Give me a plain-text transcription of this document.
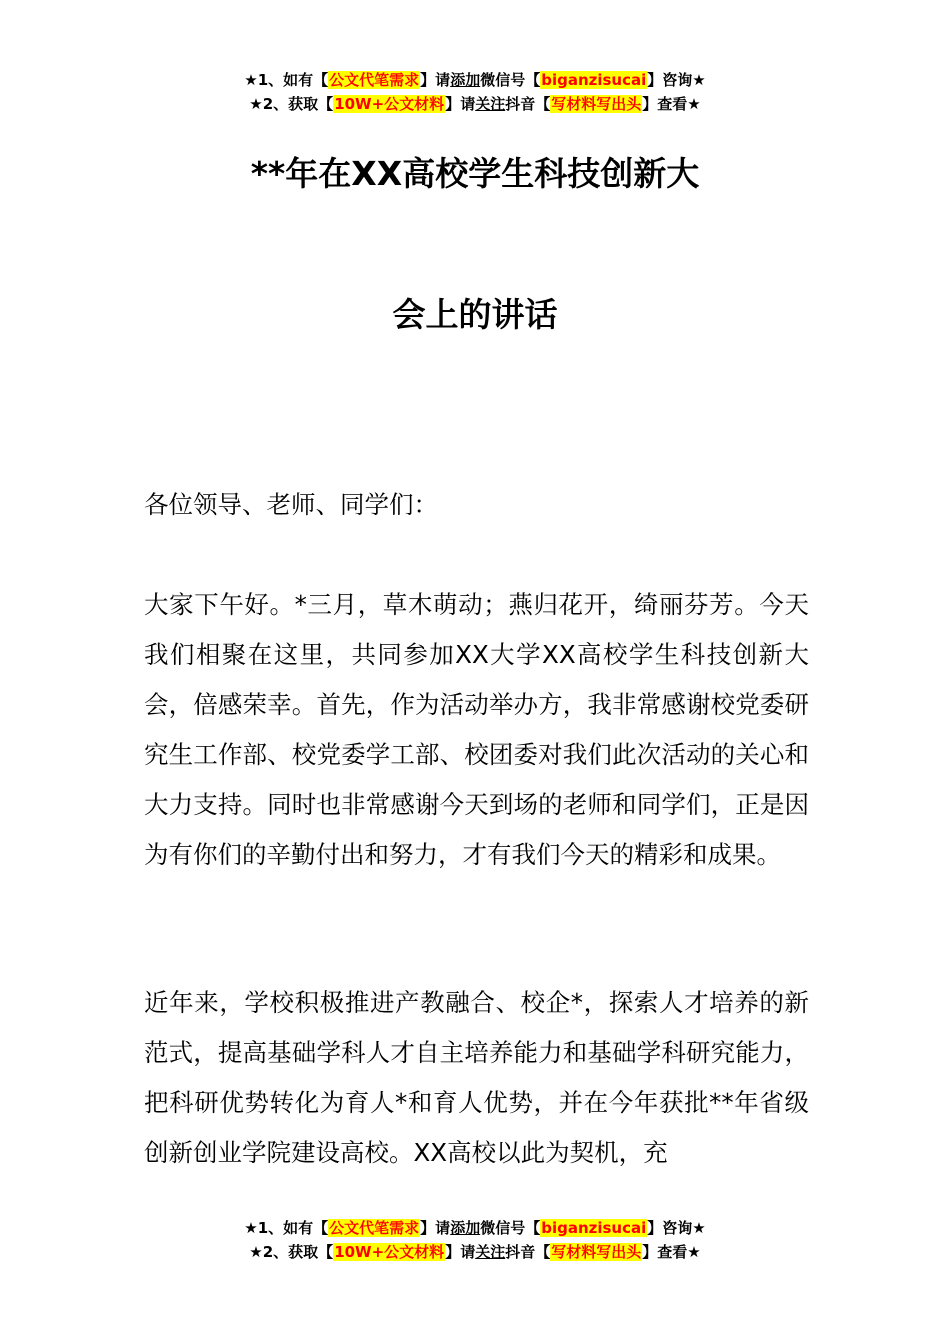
★1、如有【公文代笔需求】请添加微信号【biganzisucai】咨询★
★2、获取【10W+公文材料】请关注抖音【写材料写出头】查看★
**年在XX高校学生科技创新大
会上的讲话

各位领导、老师、同学们：

大家下午好。*三月，草木萌动；燕归花开，绮丽芬芳。今天我们相聚在这里，共同参加XX大学XX高校学生科技创新大会，倍感荣幸。首先，作为活动举办方，我非常感谢校党委研究生工作部、校党委学工部、校团委对我们此次活动的关心和大力支持。同时也非常感谢今天到场的老师和同学们，正是因为有你们的辛勤付出和努力，才有我们今天的精彩和成果。

近年来，学校积极推进产教融合、校企*，探索人才培养的新范式，提高基础学科人才自主培养能力和基础学科研究能力，把科研优势转化为育人*和育人优势，并在今年获批**年省级创新创业学院建设高校。XX高校以此为契机，充

★1、如有【公文代笔需求】请添加微信号【biganzisucai】咨询★
★2、获取【10W+公文材料】请关注抖音【写材料写出头】查看★
